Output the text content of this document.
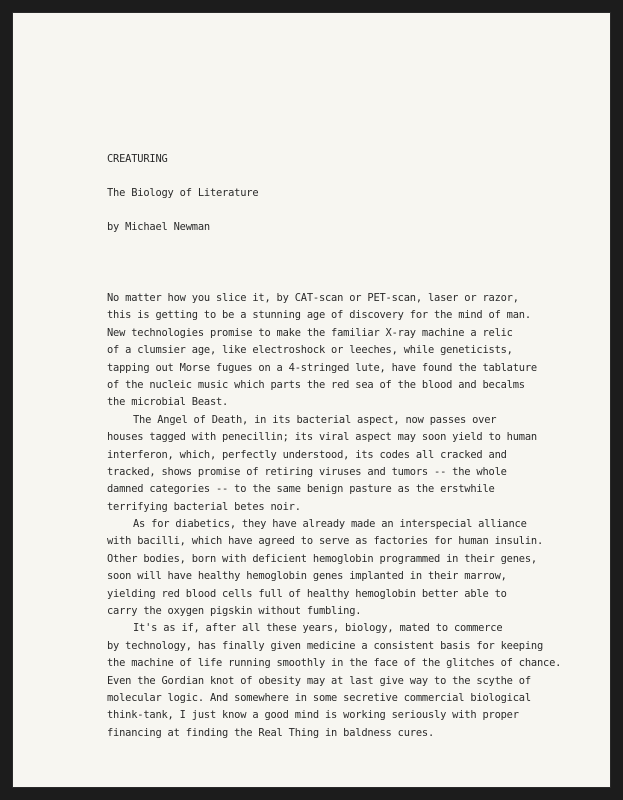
CREATURING
The Biology of Literature
by Michael Newman
No matter how you slice it, by CAT-scan or PET-scan, laser or razor,
this is getting to be a stunning age of discovery for the mind of man.
New technologies promise to make the familiar X-ray machine a relic
of a clumsier age, like electroshock or leeches, while geneticists,
tapping out Morse fugues on a 4-stringed lute, have found the tablature
of the nucleic music which parts the red sea of the blood and becalms
the microbial Beast.
The Angel of Death, in its bacterial aspect, now passes over
houses tagged with penecillin; its viral aspect may soon yield to human
interferon, which, perfectly understood, its codes all cracked and
tracked, shows promise of retiring viruses and tumors -- the whole
damned categories -- to the same benign pasture as the erstwhile
terrifying bacterial betes noir.
As for diabetics, they have already made an interspecial alliance
with bacilli, which have agreed to serve as factories for human insulin.
Other bodies, born with deficient hemoglobin programmed in their genes,
soon will have healthy hemoglobin genes implanted in their marrow,
yielding red blood cells full of healthy hemoglobin better able to
carry the oxygen pigskin without fumbling.
It's as if, after all these years, biology, mated to commerce
by technology, has finally given medicine a consistent basis for keeping
the machine of life running smoothly in the face of the glitches of chance.
Even the Gordian knot of obesity may at last give way to the scythe of
molecular logic. And somewhere in some secretive commercial biological
think-tank, I just know a good mind is working seriously with proper
financing at finding the Real Thing in baldness cures.
